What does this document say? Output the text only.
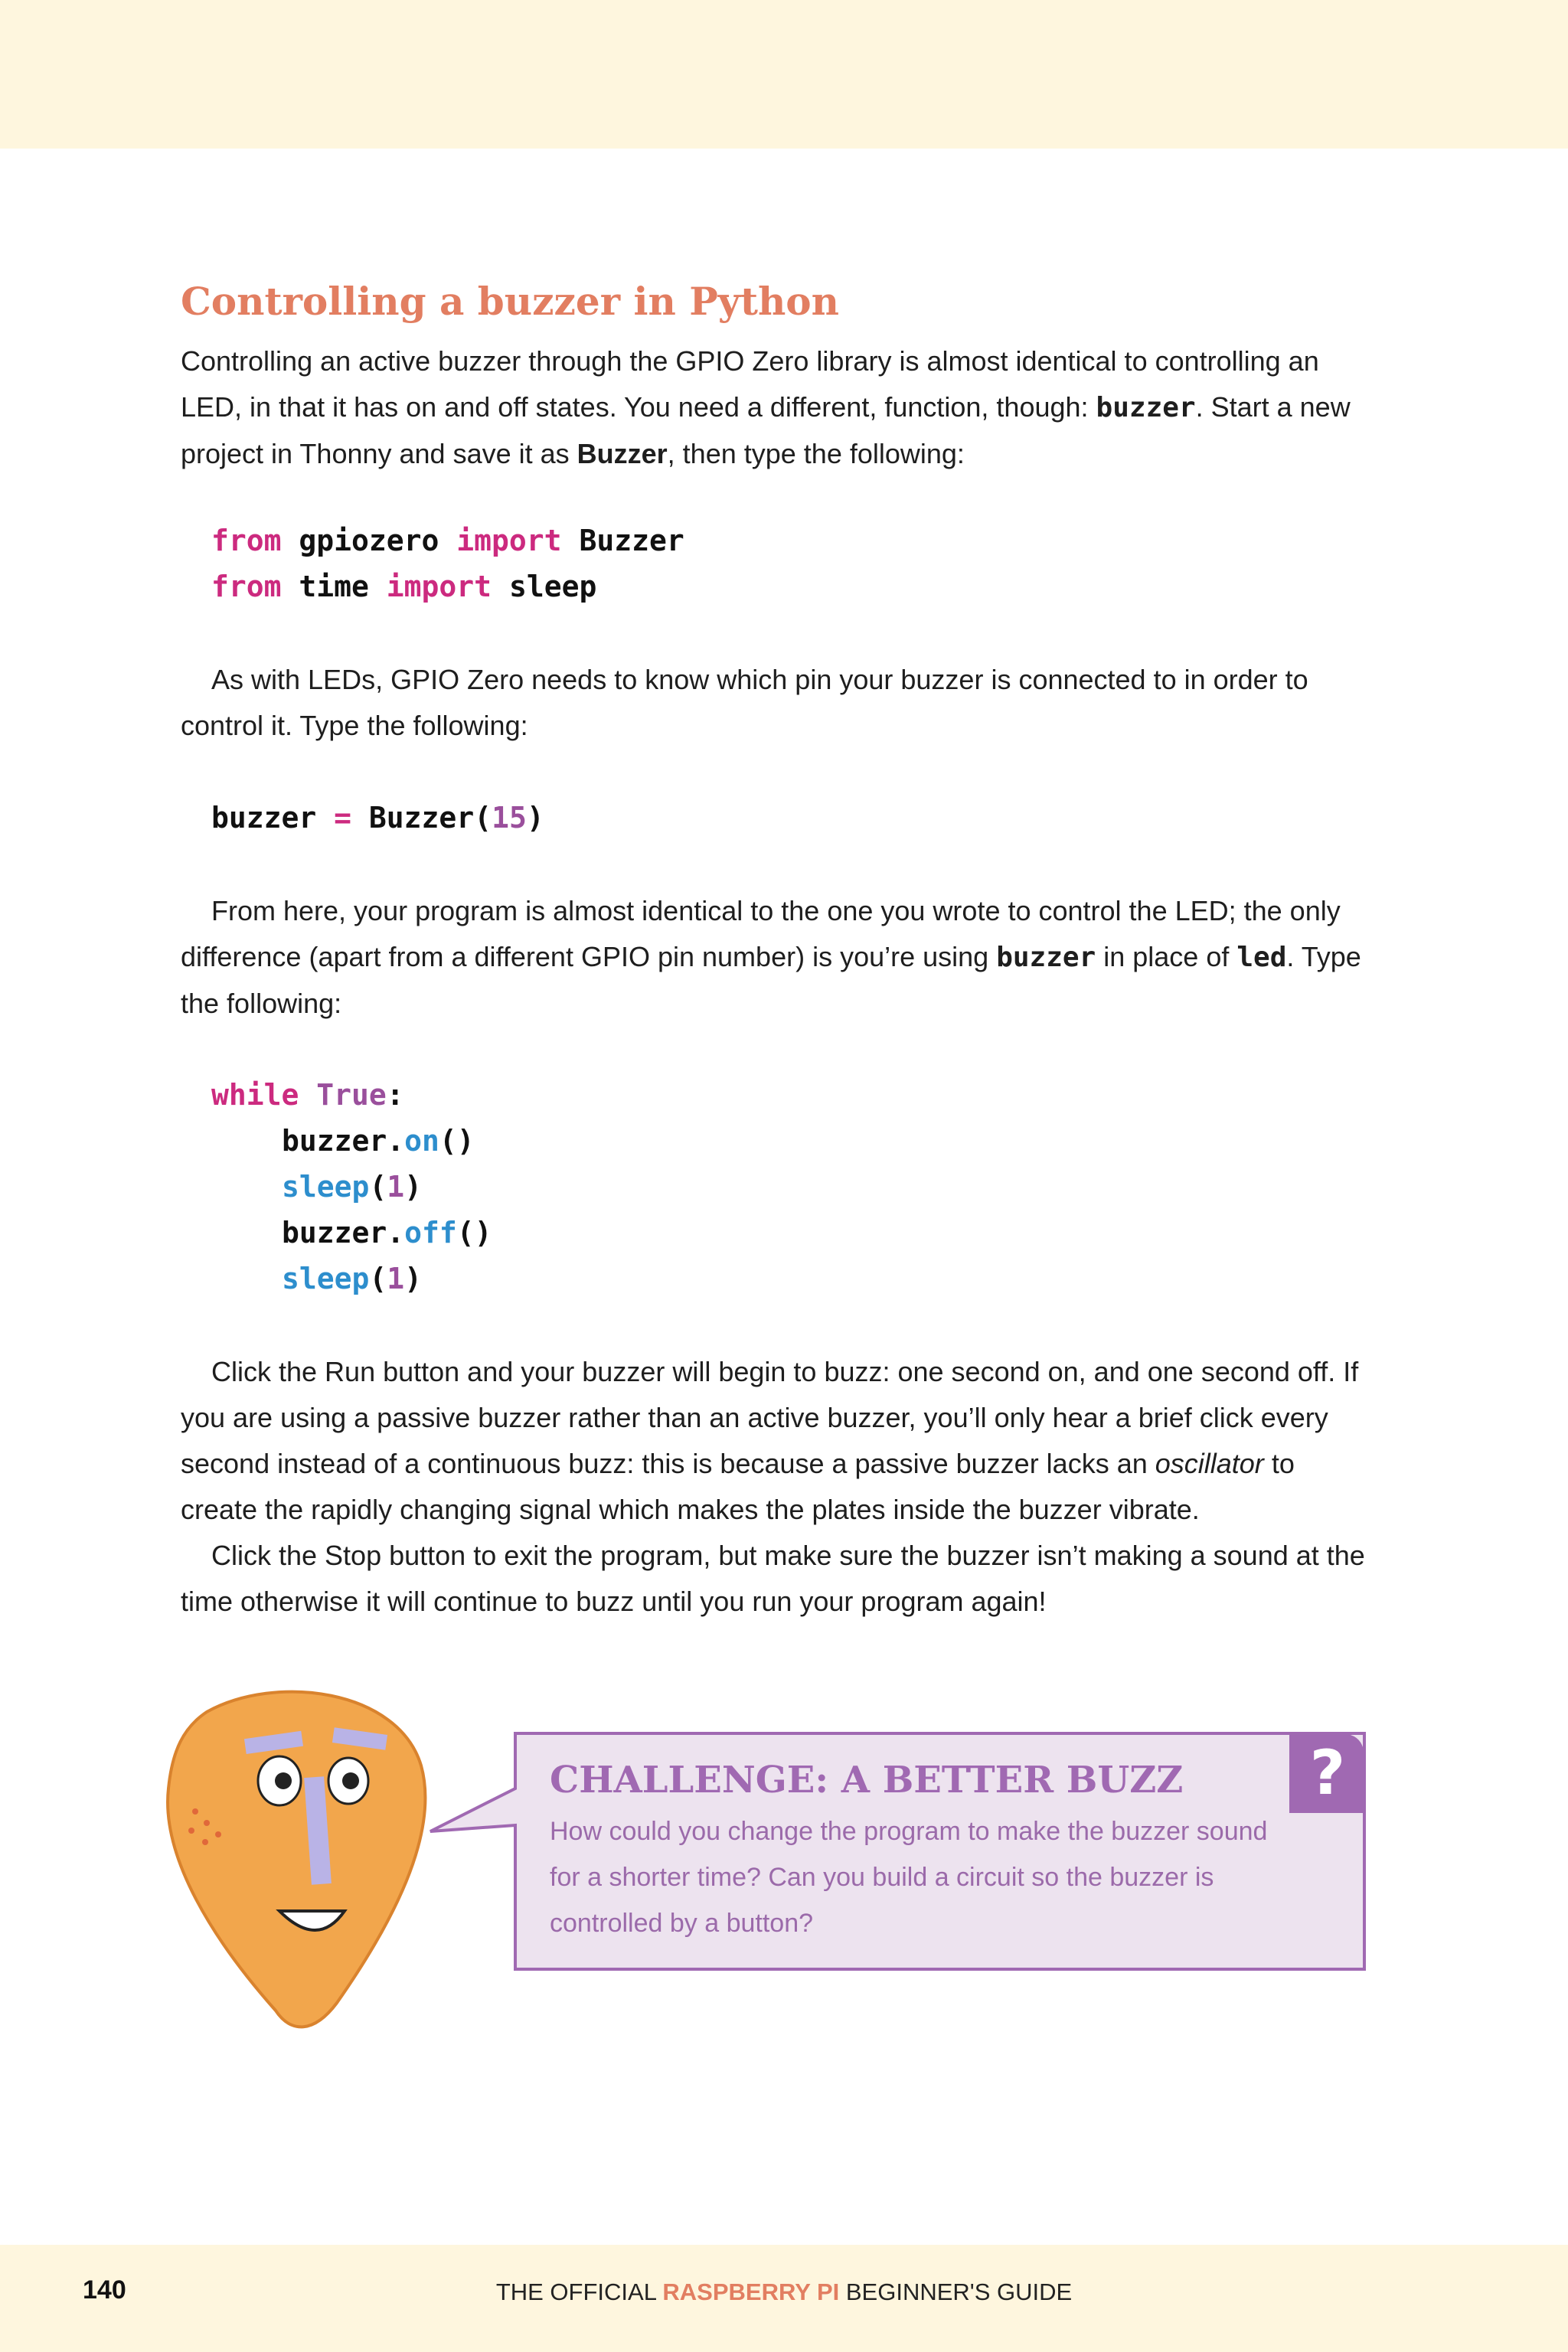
Controlling a buzzer in Python

Controlling an active buzzer through the GPIO Zero library is almost identical to controlling an LED, in that it has on and off states. You need a different, function, though: buzzer. Start a new project in Thonny and save it as Buzzer, then type the following:

from gpiozero import Buzzer
from time import sleep

As with LEDs, GPIO Zero needs to know which pin your buzzer is connected to in order to control it. Type the following:

buzzer = Buzzer(15)

From here, your program is almost identical to the one you wrote to control the LED; the only difference (apart from a different GPIO pin number) is you’re using buzzer in place of led. Type the following:

while True:
buzzer.on()
sleep(1)
buzzer.off()
sleep(1)

Click the Run button and your buzzer will begin to buzz: one second on, and one second off. If you are using a passive buzzer rather than an active buzzer, you’ll only hear a brief click every second instead of a continuous buzz: this is because a passive buzzer lacks an oscillator to create the rapidly changing signal which makes the plates inside the buzzer vibrate.

Click the Stop button to exit the program, but make sure the buzzer isn’t making a sound at the time otherwise it will continue to buzz until you run your program again!

?
CHALLENGE: A BETTER BUZZ

How could you change the program to make the buzzer sound for a shorter time? Can you build a circuit so the buzzer is controlled by a button?

140	THE OFFICIAL RASPBERRY PI BEGINNER'S GUIDE
